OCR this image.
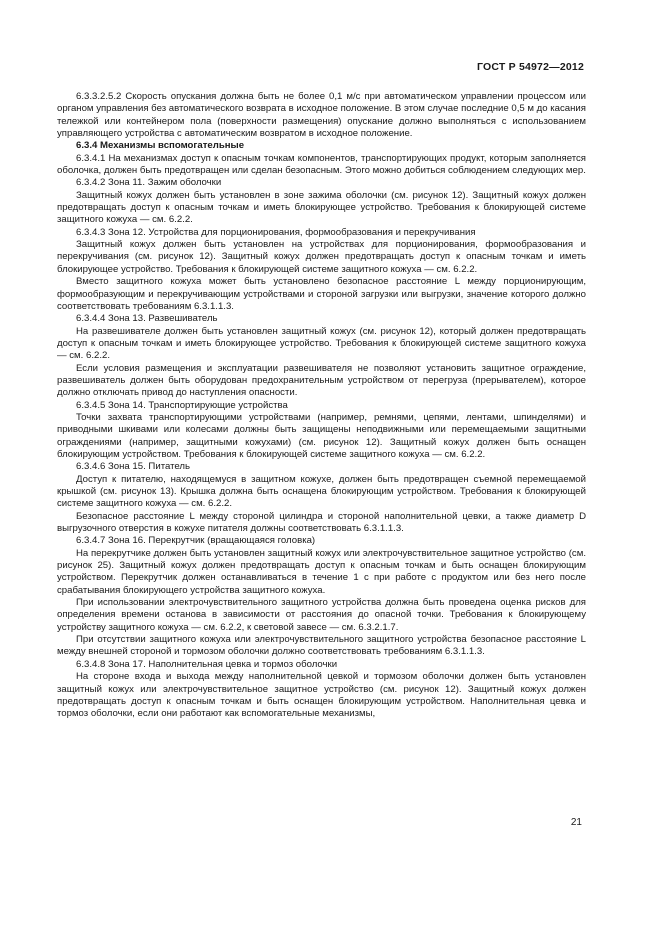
ГОСТ Р 54972—2012

6.3.3.2.5.2 Скорость опускания должна быть не более 0,1 м/с при автоматическом управлении процессом или органом управления без автоматического возврата в исходное положение. В этом случае последние 0,5 м до касания тележкой или контейнером пола (поверхности размещения) опускание должно выполняться с использованием управляющего устройства с автоматическим возвратом в исходное положение.

6.3.4 Механизмы вспомогательные

6.3.4.1 На механизмах доступ к опасным точкам компонентов, транспортирующих продукт, которым заполняется оболочка, должен быть предотвращен или сделан безопасным. Этого можно добиться соблюдением следующих мер.

6.3.4.2 Зона 11. Зажим оболочки

Защитный кожух должен быть установлен в зоне зажима оболочки (см. рисунок 12). Защитный кожух должен предотвращать доступ к опасным точкам и иметь блокирующее устройство. Требования к блокирующей системе защитного кожуха — см. 6.2.2.

6.3.4.3 Зона 12. Устройства для порционирования, формообразования и перекручивания

Защитный кожух должен быть установлен на устройствах для порционирования, формообразования и перекручивания (см. рисунок 12). Защитный кожух должен предотвращать доступ к опасным точкам и иметь блокирующее устройство. Требования к блокирующей системе защитного кожуха — см. 6.2.2.

Вместо защитного кожуха может быть установлено безопасное расстояние L между порционирующим, формообразующим и перекручивающим устройствами и стороной загрузки или выгрузки, значение которого должно соответствовать требованиям 6.3.1.1.3.

6.3.4.4 Зона 13. Развешиватель

На развешивателе должен быть установлен защитный кожух (см. рисунок 12), который должен предотвращать доступ к опасным точкам и иметь блокирующее устройство. Требования к блокирующей системе защитного кожуха — см. 6.2.2.

Если условия размещения и эксплуатации развешивателя не позволяют установить защитное ограждение, развешиватель должен быть оборудован предохранительным устройством от перегруза (прерывателем), которое должно отключать привод до наступления опасности.

6.3.4.5 Зона 14. Транспортирующие устройства

Точки захвата транспортирующими устройствами (например, ремнями, цепями, лентами, шпинделями) и приводными шкивами или колесами должны быть защищены неподвижными или перемещаемыми защитными ограждениями (например, защитными кожухами) (см. рисунок 12). Защитный кожух должен быть оснащен блокирующим устройством. Требования к блокирующей системе защитного кожуха — см. 6.2.2.

6.3.4.6 Зона 15. Питатель

Доступ к питателю, находящемуся в защитном кожухе, должен быть предотвращен съемной перемещаемой крышкой (см. рисунок 13). Крышка должна быть оснащена блокирующим устройством. Требования к блокирующей системе защитного кожуха — см. 6.2.2.

Безопасное расстояние L между стороной цилиндра и стороной наполнительной цевки, а также диаметр D выгрузочного отверстия в кожухе питателя должны соответствовать 6.3.1.1.3.

6.3.4.7 Зона 16. Перекрутчик (вращающаяся головка)

На перекрутчике должен быть установлен защитный кожух или электрочувствительное защитное устройство (см. рисунок 25). Защитный кожух должен предотвращать доступ к опасным точкам и быть оснащен блокирующим устройством. Перекрутчик должен останавливаться в течение 1 с при работе с продуктом или без него после срабатывания блокирующего устройства защитного кожуха.

При использовании электрочувствительного защитного устройства должна быть проведена оценка рисков для определения времени останова в зависимости от расстояния до опасной точки. Требования к блокирующему устройству защитного кожуха — см. 6.2.2, к световой завесе — см. 6.3.2.1.7.

При отсутствии защитного кожуха или электрочувствительного защитного устройства безопасное расстояние L между внешней стороной и тормозом оболочки должно соответствовать требованиям 6.3.1.1.3.

6.3.4.8 Зона 17. Наполнительная цевка и тормоз оболочки

На стороне входа и выхода между наполнительной цевкой и тормозом оболочки должен быть установлен защитный кожух или электрочувствительное защитное устройство (см. рисунок 12). Защитный кожух должен предотвращать доступ к опасным точкам и быть оснащен блокирующим устройством. Наполнительная цевка и тормоз оболочки, если они работают как вспомогательные механизмы,

21
